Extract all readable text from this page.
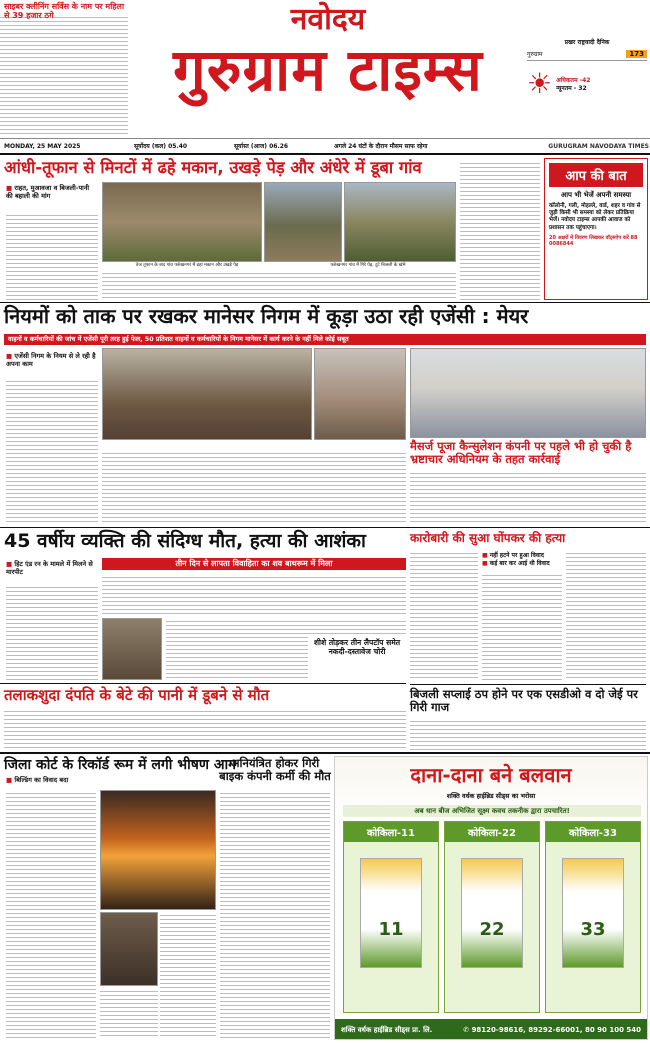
साइबर क्लीनिंग सर्विस के नाम पर महिला से 39 हजार ठगे	नवोदय
गुरुग्राम टाइम्स	प्रखर राष्ट्रवादी दैनिक
गुरुग्राम	173
☀ अधिकतम -42
न्यूनतम - 32
MONDAY, 25 MAY 2025	सूर्योदय (कल) 05.40	सूर्यास्त (आज) 06.26	अगले 24 घंटों के दौरान मौसम साफ रहेगा	GURUGRAM NAVODAYA TIMES
आंधी-तूफान से मिनटों में ढहे मकान, उखड़े पेड़ और अंधेरे में डूबा गांव
■ राहत, मुआवजा व बिजली-पानी की बहाली की मांग
तेज तूफान के बाद गांव फर्रुखनगर में ढहा मकान और उखड़े पेड़	फर्रुखनगर गांव में गिरे पेड़, टूटे बिजली के खंभे
आप की बात
आप भी भेजें अपनी समस्या
कॉलोनी, गली, मोहल्ले, वार्ड, शहर व गांव से जुड़ी किसी भी समस्या को लेकर प्रतिक्रिया भेजें। नवोदय टाइम्स आपकी आवाज को प्रशासन तक पहुंचाएगा।
20 अक्षरों में विवरण लिखकर वॉट्सऐप करें 88 0086844
नियमों को ताक पर रखकर मानेसर निगम में कूड़ा उठा रही एजेंसी : मेयर
वाहनों व कर्मचारियों की जांच में एजेंसी पूरी तरह हुई फेल, 50 प्रतिशत वाहनों व कर्मचारियों के निगम मानेसर में कार्य करने के नहीं मिले कोई सबूत
■ एजेंसी निगम के नियम से ले रही है अपना काम
मैसर्ज पूजा कैन्सुलेशन कंपनी पर पहले भी हो चुकी है भ्रष्टाचार अधिनियम के तहत कार्रवाई
45 वर्षीय व्यक्ति की संदिग्ध मौत, हत्या की आशंका
तीन दिन से लापता विवाहिता का शव बाथरूम में मिला
■ हिट एंड रन के मामले में मिलने से मारपीट
कारोबारी की सुआ घोंपकर की हत्या
■ नहीं हटने पर हुआ विवाद
■ कई बार कर आई थी विवाद
शीशे तोड़कर तीन लैपटॉप समेत नकदी-दस्तावेज चोरी
तलाकशुदा दंपति के बेटे की पानी में डूबने से मौत	बिजली सप्लाई ठप होने पर एक एसडीओ व दो जेई पर गिरी गाज
जिला कोर्ट के रिकॉर्ड रूम में लगी भीषण आग
■ बिल्डिंग का विवाद बदा
अनियंत्रित होकर गिरी बाइक कंपनी कर्मी की मौत	दाना-दाना बने बलवान
शक्ति वर्धक हाईब्रिड सीड्स का भरोसा
अब धान बीज अभिजित सूक्ष्म कवच तकनीक द्वारा उपचारित!
कोकिला-11
11
कोकिला-22
22
कोकिला-33
33
शक्ति वर्धक हाईब्रिड सीड्स प्रा. लि.	✆ 98120-98616, 89292-66001, 80 90 100 540
